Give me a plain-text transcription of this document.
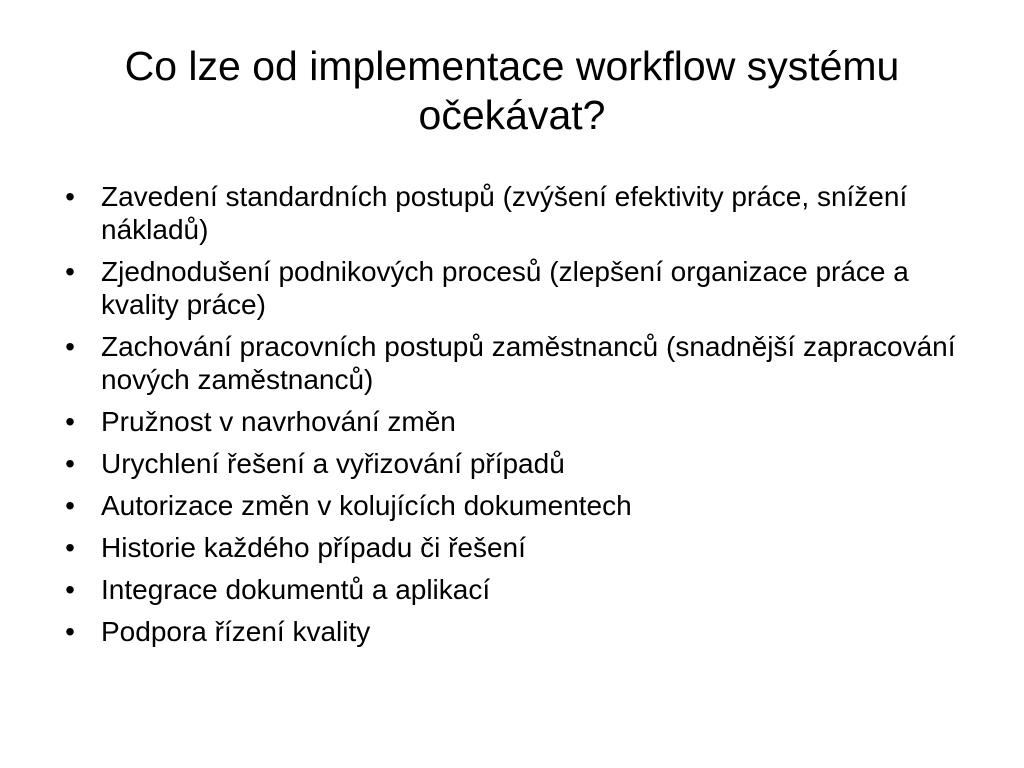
Co lze od implementace workflow systému očekávat?
• Zavedení standardních postupů (zvýšení efektivity práce, snížení nákladů)
• Zjednodušení podnikových procesů (zlepšení organizace práce a kvality práce)
• Zachování pracovních postupů zaměstnanců (snadnější zapracování nových zaměstnanců)
• Pružnost v navrhování změn
• Urychlení řešení a vyřizování případů
• Autorizace změn v kolujících dokumentech
• Historie každého případu či řešení
• Integrace dokumentů a aplikací
• Podpora řízení kvality
